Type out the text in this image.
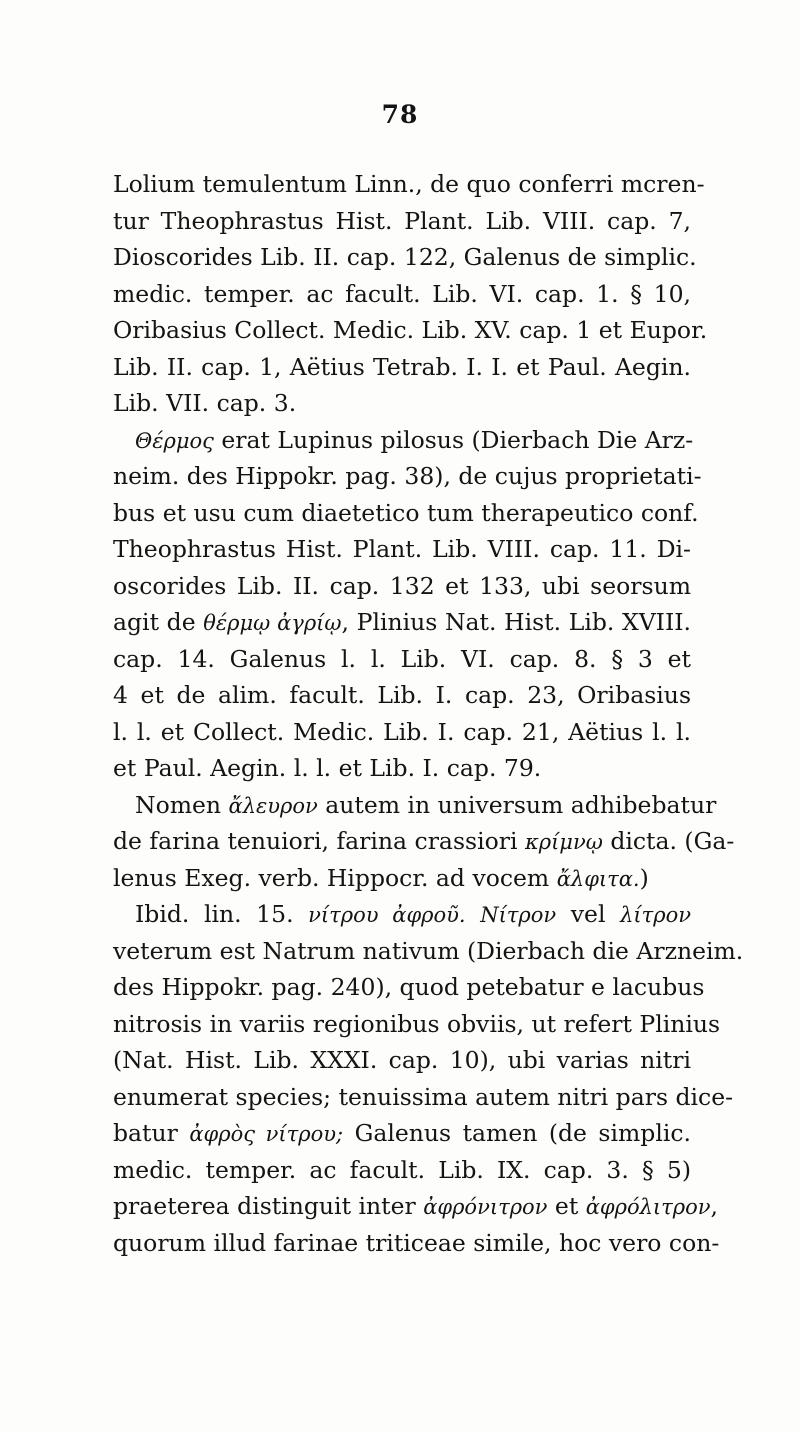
78
Lolium temulentum Linn., de quo conferri mcren-
tur Theophrastus Hist. Plant. Lib. VIII. cap. 7,
Dioscorides Lib. II. cap. 122, Galenus de simplic.
medic. temper. ac facult. Lib. VI. cap. 1. § 10,
Oribasius Collect. Medic. Lib. XV. cap. 1 et Eupor.
Lib. II. cap. 1, Aëtius Tetrab. I. I. et Paul. Aegin.
Lib. VII. cap. 3.
Θέρμος erat Lupinus pilosus (Dierbach Die Arz-
neim. des Hippokr. pag. 38), de cujus proprietati-
bus et usu cum diaetetico tum therapeutico conf.
Theophrastus Hist. Plant. Lib. VIII. cap. 11. Di-
oscorides Lib. II. cap. 132 et 133, ubi seorsum
agit de θέρμῳ ἀγρίῳ, Plinius Nat. Hist. Lib. XVIII.
cap. 14. Galenus l. l. Lib. VI. cap. 8. § 3 et
4 et de alim. facult. Lib. I. cap. 23, Oribasius
l. l. et Collect. Medic. Lib. I. cap. 21, Aëtius l. l.
et Paul. Aegin. l. l. et Lib. I. cap. 79.
Nomen ἄλευρον autem in universum adhibebatur
de farina tenuiori, farina crassiori κρίμνῳ dicta. (Ga-
lenus Exeg. verb. Hippocr. ad vocem ἄλφιτα.)
Ibid. lin. 15. νίτρου ἀφροῦ. Νίτρον vel λίτρον
veterum est Natrum nativum (Dierbach die Arzneim.
des Hippokr. pag. 240), quod petebatur e lacubus
nitrosis in variis regionibus obviis, ut refert Plinius
(Nat. Hist. Lib. XXXI. cap. 10), ubi varias nitri
enumerat species; tenuissima autem nitri pars dice-
batur ἀφρὸς νίτρου; Galenus tamen (de simplic.
medic. temper. ac facult. Lib. IX. cap. 3. § 5)
praeterea distinguit inter ἀφρόνιτρον et ἀφρόλιτρον,
quorum illud farinae triticeae simile, hoc vero con-
